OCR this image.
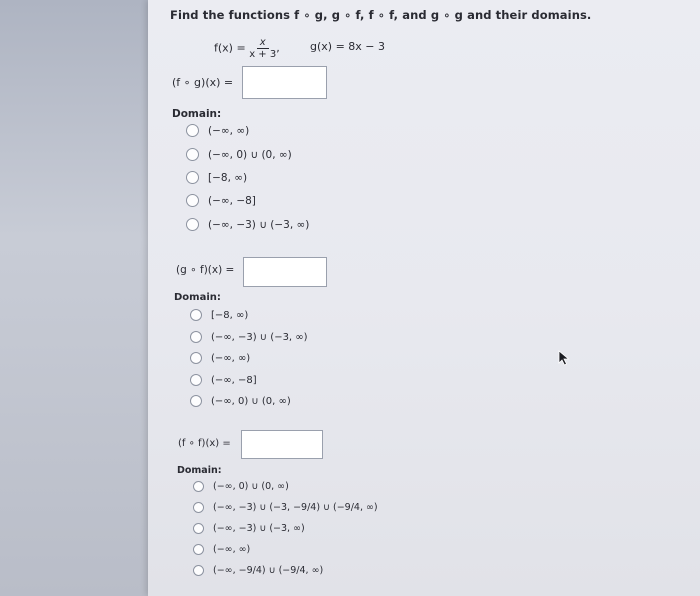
Find the functions f ∘ g, g ∘ f, f ∘ f, and g ∘ g and their domains.
$f(x) = \frac{x}{x + 3}$ ,	g(x) = 8x − 3
(f ∘ g)(x) =
Domain:
(−∞, ∞)
(−∞, 0) ∪ (0, ∞)
[−8, ∞)
(−∞, −8]
(−∞, −3) ∪ (−3, ∞)
(g ∘ f)(x) =
Domain:
[−8, ∞)
(−∞, −3) ∪ (−3, ∞)
(−∞, ∞)
(−∞, −8]
(−∞, 0) ∪ (0, ∞)
(f ∘ f)(x) =
Domain:
(−∞, 0) ∪ (0, ∞)
(−∞, −3) ∪ (−3, −9/4) ∪ (−9/4, ∞)
(−∞, −3) ∪ (−3, ∞)
(−∞, ∞)
(−∞, −9/4) ∪ (−9/4, ∞)
